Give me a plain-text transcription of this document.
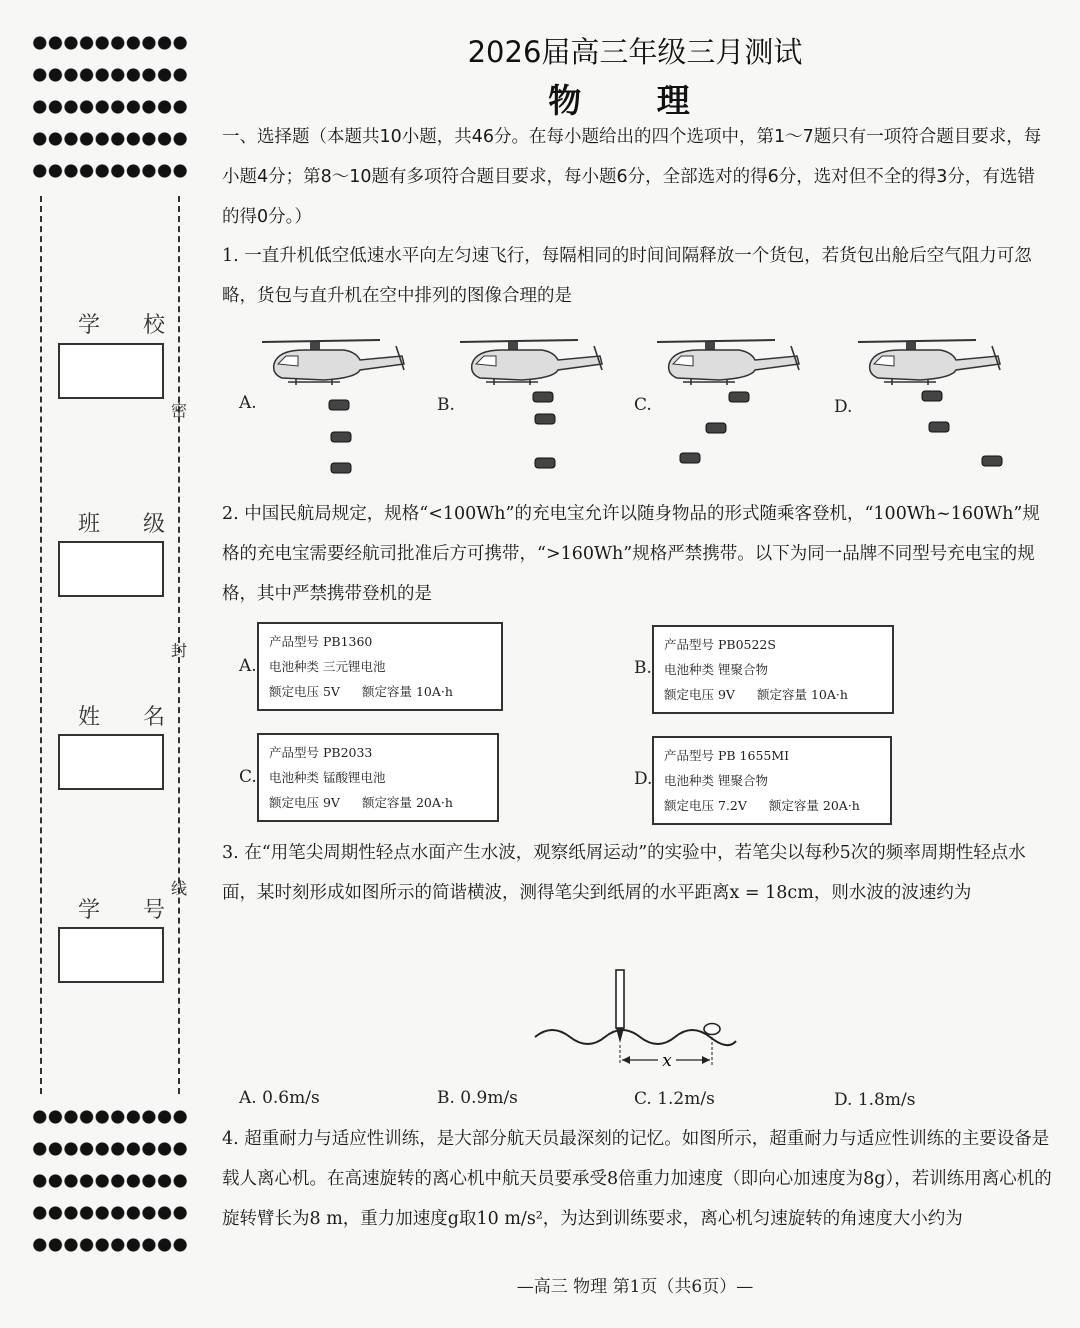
学 校
班 级
姓 名
学 号
密
封
线
2026届高三年级三月测试
物 理
一、选择题（本题共10小题，共46分。在每小题给出的四个选项中，第1～7题只有一项符合题目要求，每小题4分；第8～10题有多项符合题目要求，每小题6分，全部选对的得6分，选对但不全的得3分，有选错的得0分。）
1. 一直升机低空低速水平向左匀速飞行，每隔相同的时间间隔释放一个货包，若货包出舱后空气阻力可忽略，货包与直升机在空中排列的图像合理的是
A.	B.	C.	D.
2. 中国民航局规定，规格“<100Wh”的充电宝允许以随身物品的形式随乘客登机，“100Wh~160Wh”规格的充电宝需要经航司批准后方可携带，“>160Wh”规格严禁携带。以下为同一品牌不同型号充电宝的规格，其中严禁携带登机的是
A.
产品型号 PB1360
电池种类 三元锂电池
额定电压 5V 额定容量 10A·h
B.
产品型号 PB0522S
电池种类 锂聚合物
额定电压 9V 额定容量 10A·h
C.
产品型号 PB2033
电池种类 锰酸锂电池
额定电压 9V 额定容量 20A·h
D.
产品型号 PB 1655MI
电池种类 锂聚合物
额定电压 7.2V 额定容量 20A·h
3. 在“用笔尖周期性轻点水面产生水波，观察纸屑运动”的实验中，若笔尖以每秒5次的频率周期性轻点水面，某时刻形成如图所示的简谐横波，测得笔尖到纸屑的水平距离x = 18cm，则水波的波速约为
x
A. 0.6m/s	B. 0.9m/s	C. 1.2m/s	D. 1.8m/s
4. 超重耐力与适应性训练，是大部分航天员最深刻的记忆。如图所示，超重耐力与适应性训练的主要设备是载人离心机。在高速旋转的离心机中航天员要承受8倍重力加速度（即向心加速度为8g），若训练用离心机的旋转臂长为8 m，重力加速度g取10 m/s²，为达到训练要求，离心机匀速旋转的角速度大小约为
—高三 物理 第1页（共6页）—
